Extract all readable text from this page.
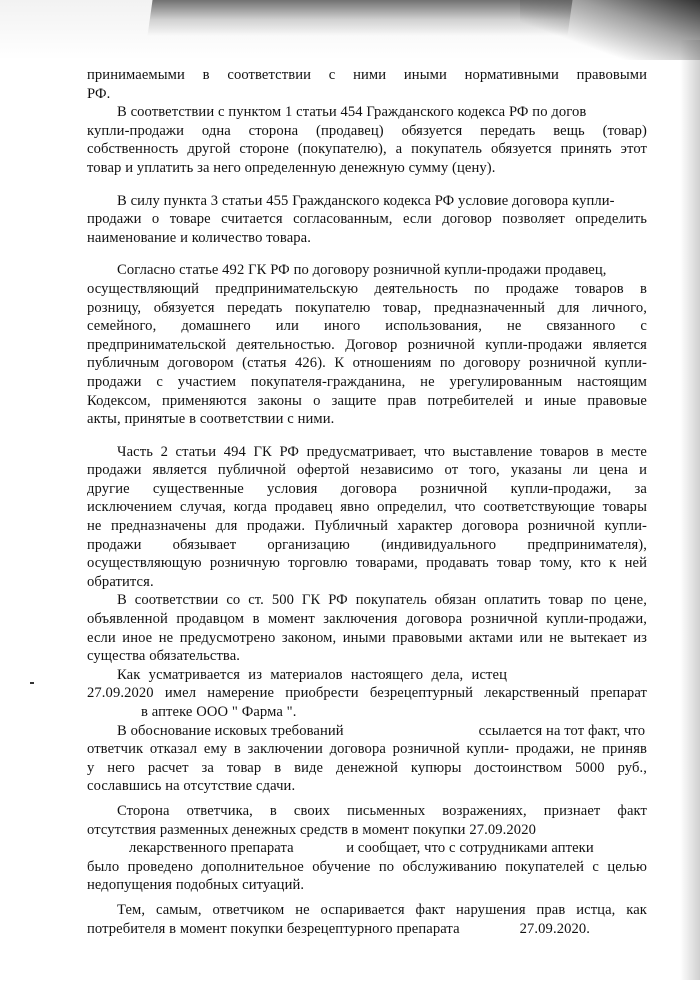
принимаемыми в соответствии с ними иными нормативными правовыми
РФ.
В соответствии с пунктом 1 статьи 454 Гражданского кодекса РФ по догов
купли-продажи одна сторона (продавец) обязуется передать вещь (товар)
собственность другой стороне (покупателю), а покупатель обязуется принять этот
товар и уплатить за него определенную денежную сумму (цену).
В силу пункта 3 статьи 455 Гражданского кодекса РФ условие договора купли-
продажи о товаре считается согласованным, если договор позволяет определить
наименование и количество товара.
Согласно статье 492 ГК РФ по договору розничной купли-продажи продавец,
осуществляющий предпринимательскую деятельность по продаже товаров в
розницу, обязуется передать покупателю товар, предназначенный для личного,
семейного, домашнего или иного использования, не связанного с
предпринимательской деятельностью. Договор розничной купли-продажи является
публичным договором (статья 426). К отношениям по договору розничной купли-
продажи с участием покупателя-гражданина, не урегулированным настоящим
Кодексом, применяются законы о защите прав потребителей и иные правовые
акты, принятые в соответствии с ними.
Часть 2 статьи 494 ГК РФ предусматривает, что выставление товаров в месте
продажи является публичной офертой независимо от того, указаны ли цена и
другие существенные условия договора розничной купли-продажи, за
исключением случая, когда продавец явно определил, что соответствующие товары
не предназначены для продажи. Публичный характер договора розничной купли-
продажи обязывает организацию (индивидуального предпринимателя),
осуществляющую розничную торговлю товарами, продавать товар тому, кто к ней
обратится.
В соответствии со ст. 500 ГК РФ покупатель обязан оплатить товар по цене,
объявленной продавцом в момент заключения договора розничной купли-продажи,
если иное не предусмотрено законом, иными правовыми актами или не вытекает из
существа обязательства.
Как усматривается из материалов настоящего дела, истец
27.09.2020 имел намерение приобрести безрецептурный лекарственный препарат
в аптеке ООО " Фарма ".
В обоснование исковых требований                                    ссылается на тот факт, что
ответчик отказал ему в заключении договора розничной купли- продажи, не приняв
у него расчет за товар в виде денежной купюры достоинством 5000 руб.,
сославшись на отсутствие сдачи.
Сторона ответчика, в своих письменных возражениях, признает факт
отсутствия разменных денежных средств в момент покупки 27.09.2020
лекарственного препарата              и сообщает, что с сотрудниками аптеки
было проведено дополнительное обучение по обслуживанию покупателей с целью
недопущения подобных ситуаций.
Тем, самым, ответчиком не оспаривается факт нарушения прав истца, как
потребителя в момент покупки безрецептурного препарата                27.09.2020.
